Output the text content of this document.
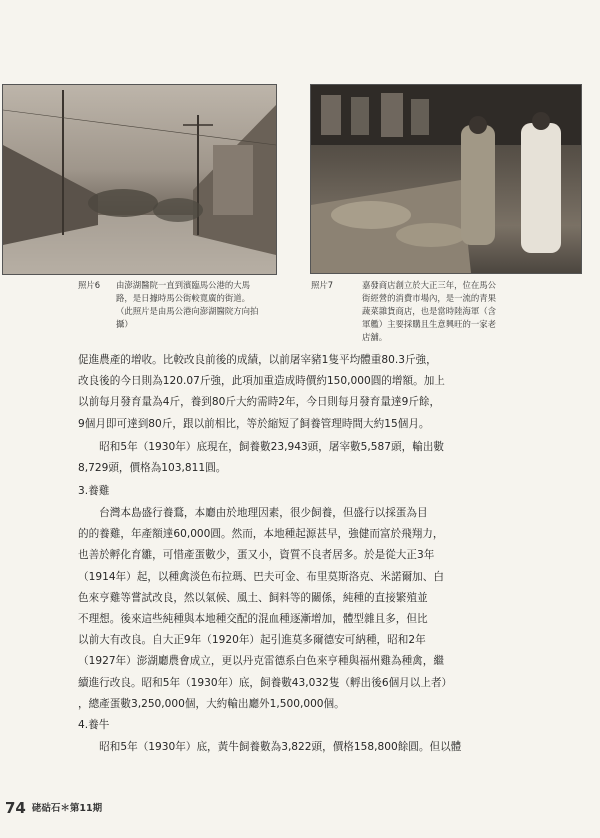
照片6 由澎湖醫院一直到濱臨馬公港的大馬
路，是日據時馬公街較寬廣的街道。
（此照片是由馬公港向澎湖醫院方向拍
攝）
照片7	嘉發商店創立於大正三年，位在馬公
街經營的消費市場內，是一流的青果
蔬菜雜貨商店，也是當時陸海軍（含
軍艦）主要採購且生意興旺的一家老
店舖。
促進農產的增收。比較改良前後的成績，以前屠宰豬1隻平均體重80.3斤強，
改良後的今日則為120.07斤強，此項加重造成時價約150,000圓的增額。加上
以前每月發育量為4斤，養到80斤大約需時2年，今日則每月發育量達9斤餘，
9個月即可達到80斤，跟以前相比，等於縮短了飼養管理時間大約15個月。
　　昭和5年（1930年）底現在，飼養數23,943頭，屠宰數5,587頭，輸出數
8,729頭，價格為103,811圓。
3.養雞
　　台灣本島盛行養鶩，本廳由於地理因素，很少飼養，但盛行以採蛋為目
的的養雞，年產額達60,000圓。然而，本地種起源甚早，強健而富於飛翔力，
也善於孵化育雛，可惜產蛋數少，蛋又小，資質不良者居多。於是從大正3年
（1914年）起，以種禽淡色布拉瑪、巴夫可金、布里莫斯洛克、米諾爾加、白
色來亨雞等嘗試改良，然以氣候、風土、飼料等的關係，純種的直接繁殖並
不理想。後來這些純種與本地種交配的混血種逐漸增加，體型雜且多，但比
以前大有改良。自大正9年（1920年）起引進莫多爾德安可納種，昭和2年
（1927年）澎湖廳農會成立，更以丹克雷德系白色來亨種與福州雞為種禽，繼
續進行改良。昭和5年（1930年）底，飼養數43,032隻（孵出後6個月以上者）
，總產蛋數3,250,000個，大約輸出廳外1,500,000個。
4.養牛
　　昭和5年（1930年）底，黃牛飼養數為3,822頭，價格158,800餘圓。但以體
74 硓𥑮石＊第11期
